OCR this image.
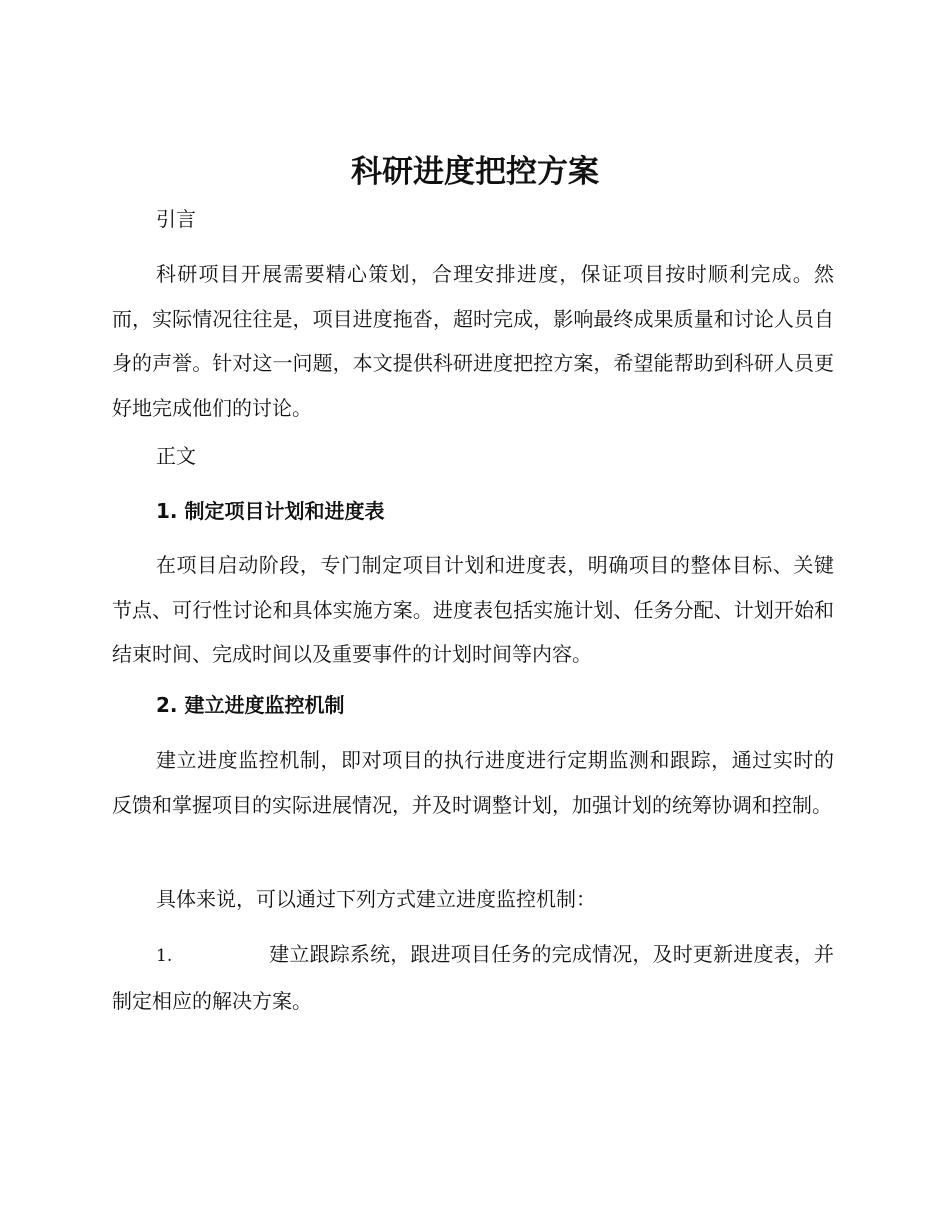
科研进度把控方案
引言

科研项目开展需要精心策划，合理安排进度，保证项目按时顺利完成。然而，实际情况往往是，项目进度拖沓，超时完成，影响最终成果质量和讨论人员自身的声誉。针对这一问题，本文提供科研进度把控方案，希望能帮助到科研人员更好地完成他们的讨论。

正文
1. 制定项目计划和进度表

在项目启动阶段，专门制定项目计划和进度表，明确项目的整体目标、关键节点、可行性讨论和具体实施方案。进度表包括实施计划、任务分配、计划开始和结束时间、完成时间以及重要事件的计划时间等内容。

2. 建立进度监控机制

建立进度监控机制，即对项目的执行进度进行定期监测和跟踪，通过实时的反馈和掌握项目的实际进展情况，并及时调整计划，加强计划的统筹协调和控制。

具体来说，可以通过下列方式建立进度监控机制：

1.	建立跟踪系统，跟进项目任务的完成情况，及时更新进度表，并制定相应的解决方案。
